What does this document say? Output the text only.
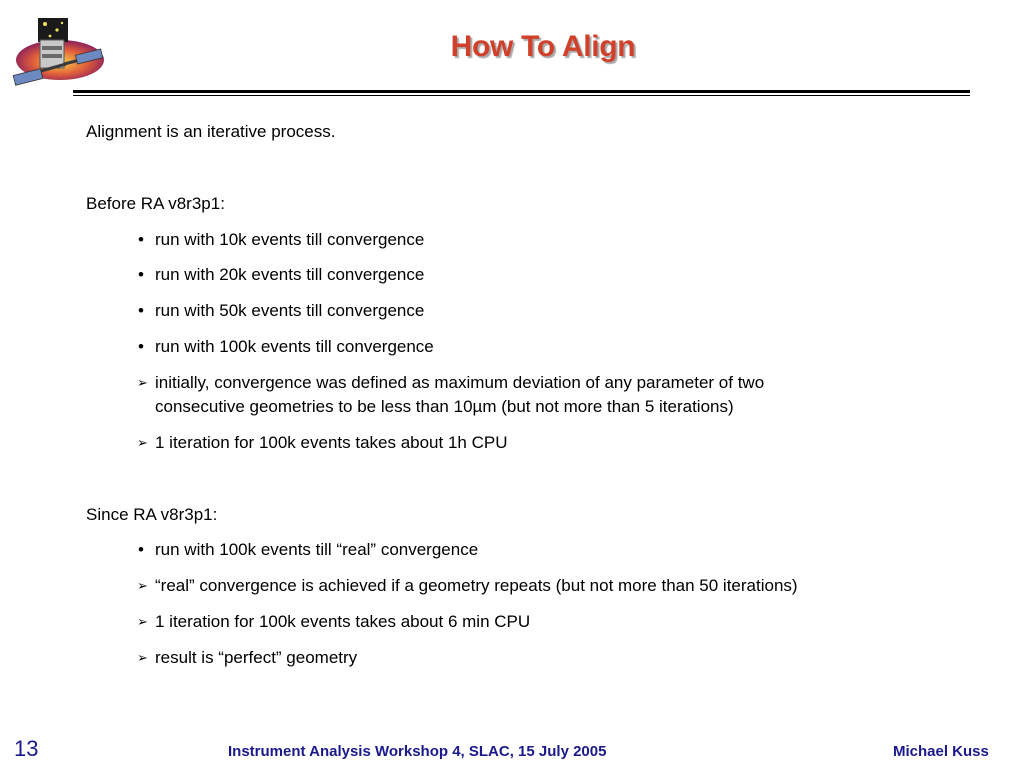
How To Align
Alignment is an iterative process.
Before RA v8r3p1:
• run with 10k events till convergence
• run with 20k events till convergence
• run with 50k events till convergence
• run with 100k events till convergence
➢ initially, convergence was defined as maximum deviation of any parameter of two
consecutive geometries to be less than 10µm (but not more than 5 iterations)
➢ 1 iteration for 100k events takes about 1h CPU
Since RA v8r3p1:
• run with 100k events till “real” convergence
➢ “real” convergence is achieved if a geometry repeats (but not more than 50 iterations)
➢ 1 iteration for 100k events takes about 6 min CPU
➢ result is “perfect” geometry
13	Instrument Analysis Workshop 4, SLAC, 15 July 2005	Michael Kuss
